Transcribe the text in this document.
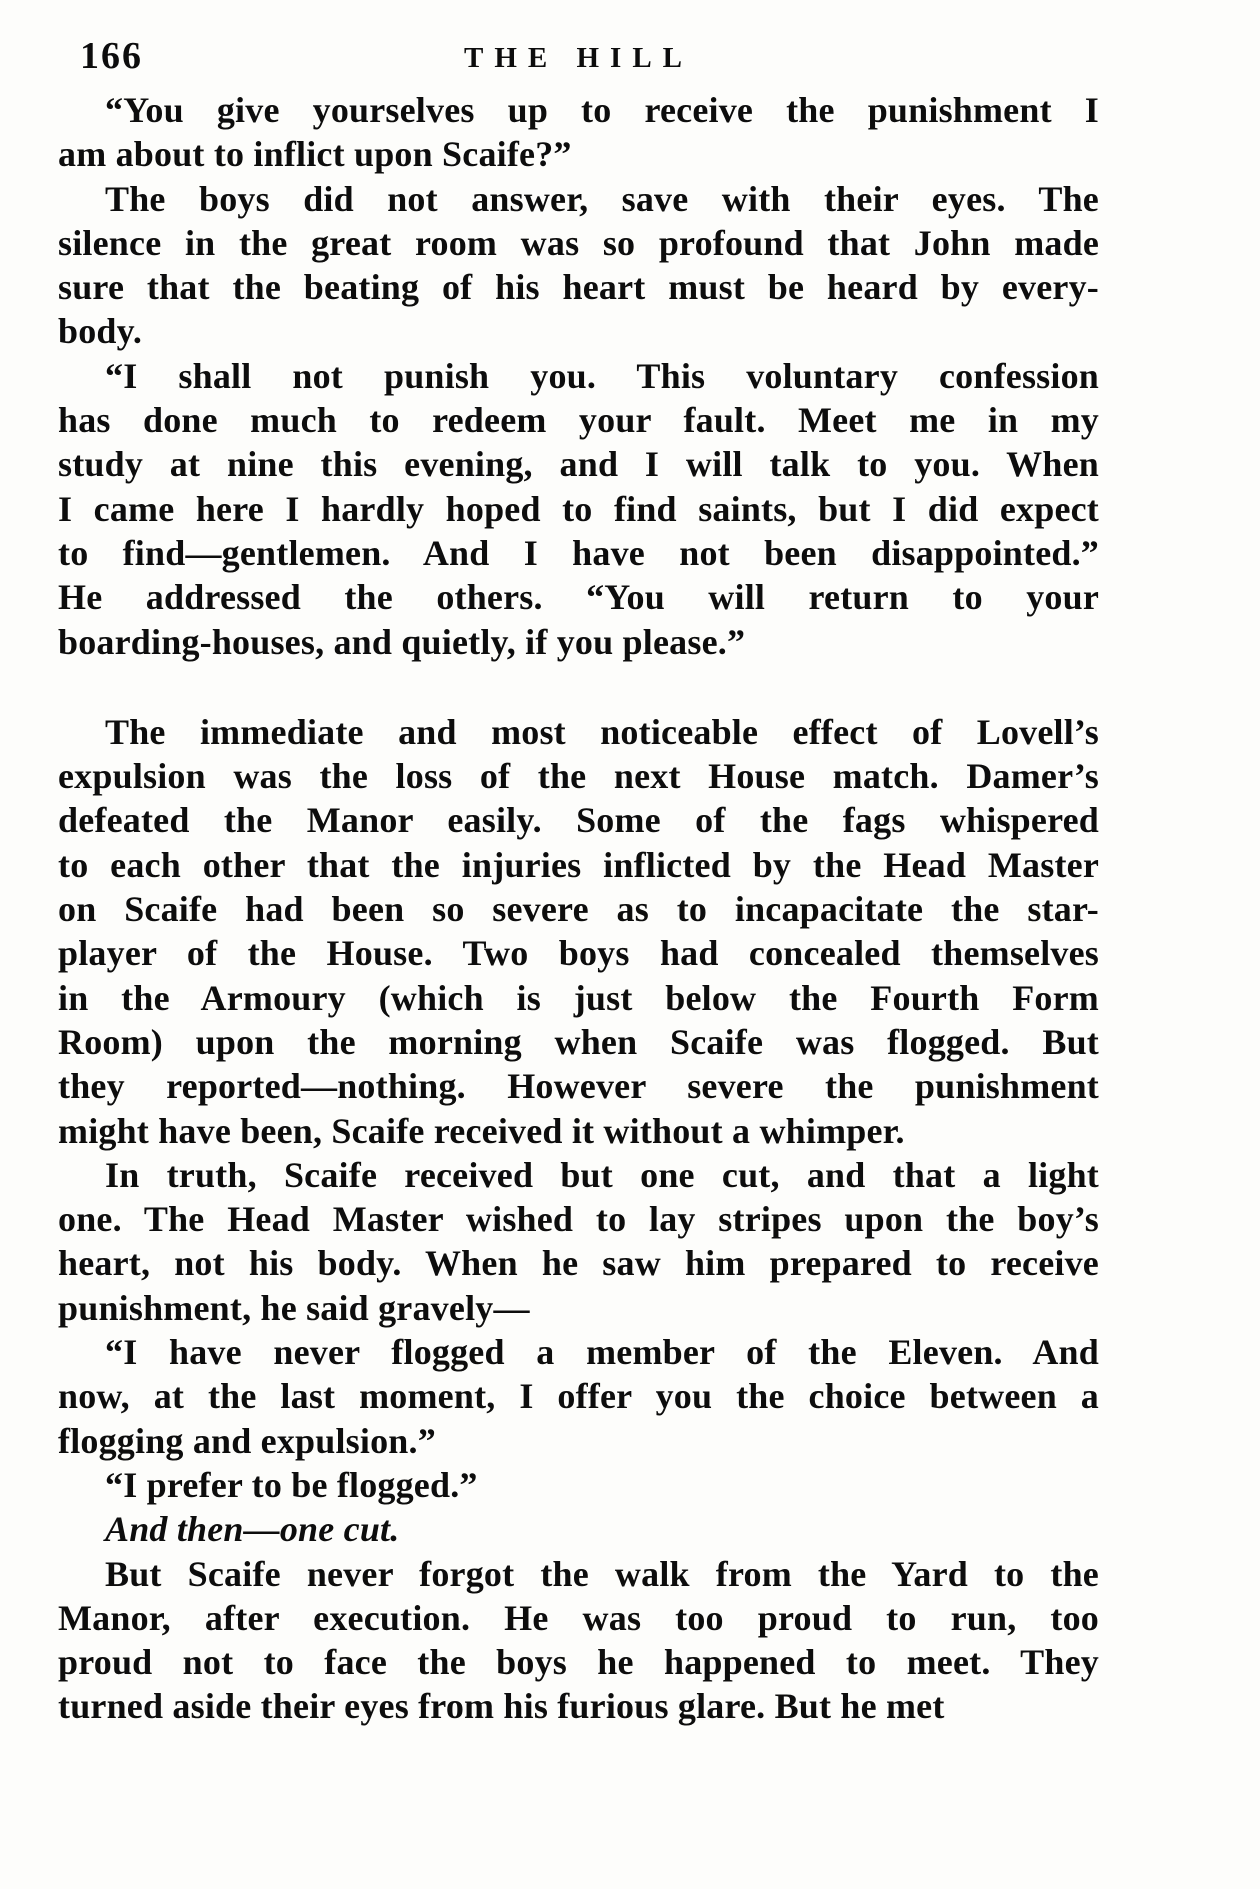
166	THE HILL
“You give yourselves up to receive the punishment I
am about to inflict upon Scaife?”
The boys did not answer, save with their eyes. The
silence in the great room was so profound that John made
sure that the beating of his heart must be heard by every-
body.
“I shall not punish you. This voluntary confession
has done much to redeem your fault. Meet me in my
study at nine this evening, and I will talk to you. When
I came here I hardly hoped to find saints, but I did expect
to find—gentlemen. And I have not been disappointed.”
He addressed the others. “You will return to your
boarding-houses, and quietly, if you please.”
The immediate and most noticeable effect of Lovell’s
expulsion was the loss of the next House match. Damer’s
defeated the Manor easily. Some of the fags whispered
to each other that the injuries inflicted by the Head Master
on Scaife had been so severe as to incapacitate the star-
player of the House. Two boys had concealed themselves
in the Armoury (which is just below the Fourth Form
Room) upon the morning when Scaife was flogged. But
they reported—nothing. However severe the punishment
might have been, Scaife received it without a whimper.
In truth, Scaife received but one cut, and that a light
one. The Head Master wished to lay stripes upon the boy’s
heart, not his body. When he saw him prepared to receive
punishment, he said gravely—
“I have never flogged a member of the Eleven. And
now, at the last moment, I offer you the choice between a
flogging and expulsion.”
“I prefer to be flogged.”
And then—one cut.
But Scaife never forgot the walk from the Yard to the
Manor, after execution. He was too proud to run, too
proud not to face the boys he happened to meet. They
turned aside their eyes from his furious glare. But he met
